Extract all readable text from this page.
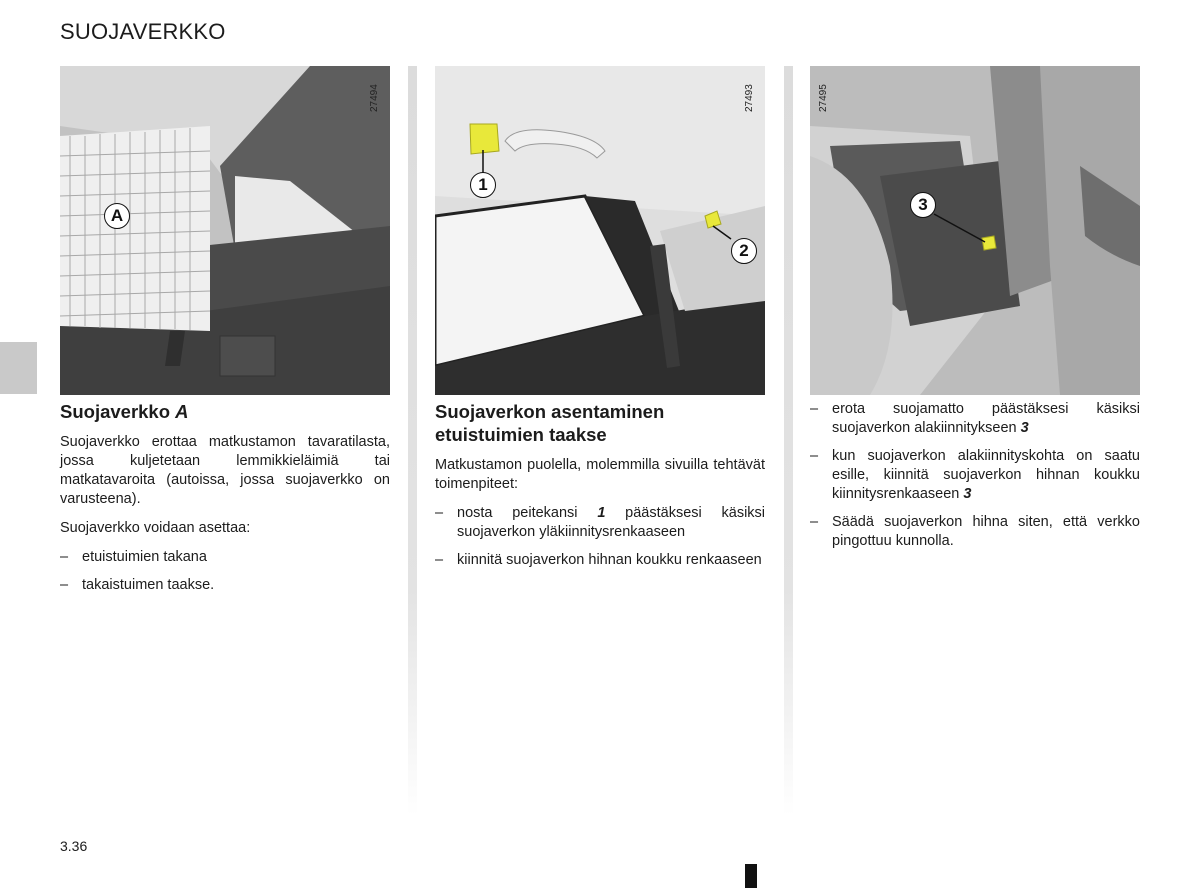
SUOJAVERKKO
A
27494
1
2
27493
3
27495
Suojaverkko A

Suojaverkko erottaa matkustamon tavaratilasta, jossa kuljetetaan lemmikkieläimiä tai matkatavaroita (autoissa, jossa suojaverkko on varusteena).

Suojaverkko voidaan asettaa:

– etuistuimien takana
– takaistuimen taakse.
Suojaverkon asentaminen etuistuimien taakse

Matkustamon puolella, molemmilla sivuilla tehtävät toimenpiteet:

– nosta peitekansi 1 päästäksesi käsiksi suojaverkon yläkiinnitysrenkaaseen
– kiinnitä suojaverkon hihnan koukku renkaaseen
– erota suojamatto päästäksesi käsiksi suojaverkon alakiinnitykseen 3
– kun suojaverkon alakiinnityskohta on saatu esille, kiinnitä suojaverkon hihnan koukku kiinnitysrenkaaseen 3
– Säädä suojaverkon hihna siten, että verkko pingottuu kunnolla.
3.36
